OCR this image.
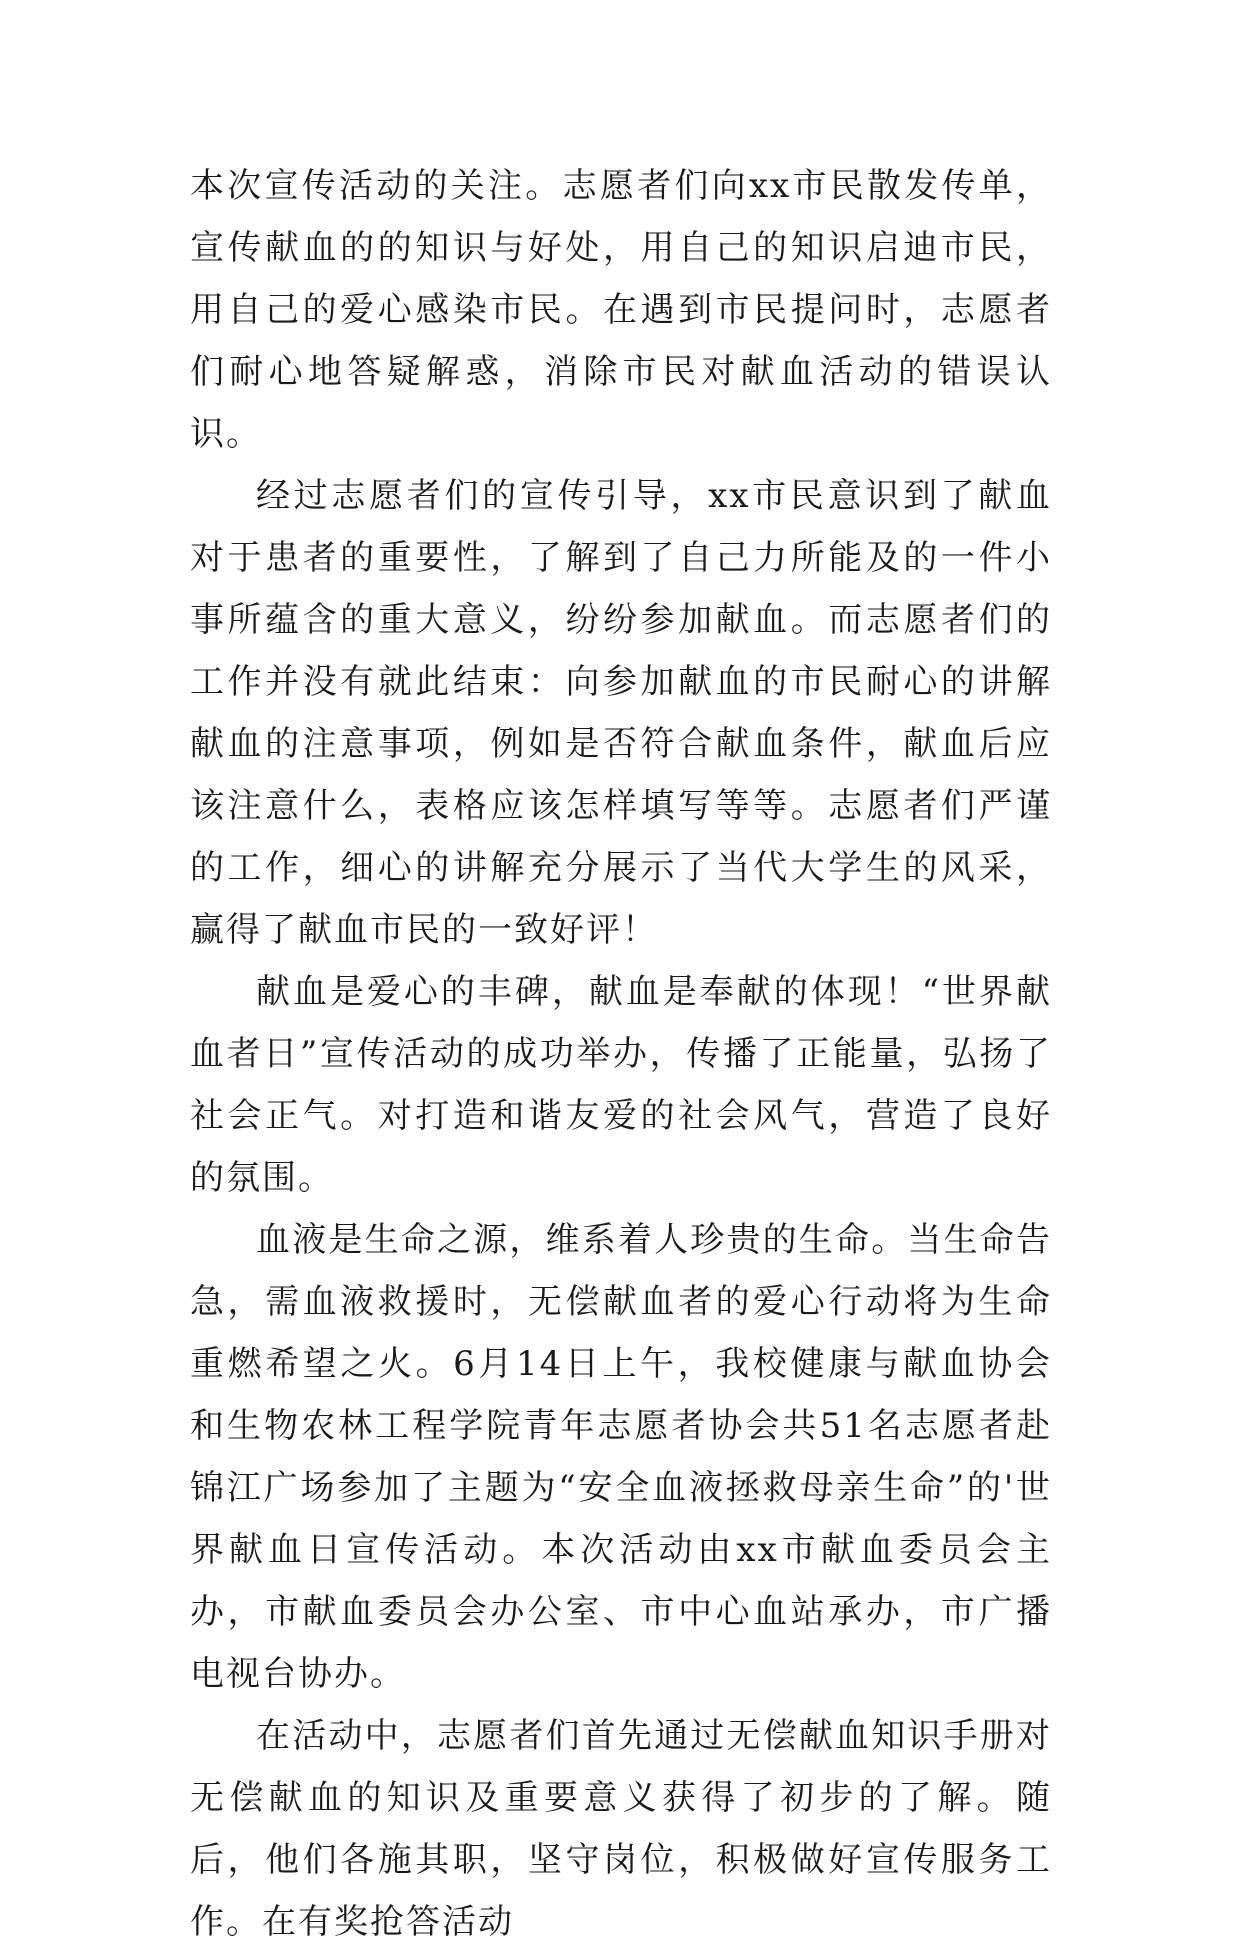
本次宣传活动的关注。志愿者们向xx市民散发传单，宣传献血的的知识与好处，用自己的知识启迪市民，用自己的爱心感染市民。在遇到市民提问时，志愿者们耐心地答疑解惑，消除市民对献血活动的错误认识。

经过志愿者们的宣传引导，xx市民意识到了献血对于患者的重要性，了解到了自己力所能及的一件小事所蕴含的重大意义，纷纷参加献血。而志愿者们的工作并没有就此结束：向参加献血的市民耐心的讲解献血的注意事项，例如是否符合献血条件，献血后应该注意什么，表格应该怎样填写等等。志愿者们严谨的工作，细心的讲解充分展示了当代大学生的风采，赢得了献血市民的一致好评！

献血是爱心的丰碑，献血是奉献的体现！“世界献血者日”宣传活动的成功举办，传播了正能量，弘扬了社会正气。对打造和谐友爱的社会风气，营造了良好的氛围。

血液是生命之源，维系着人珍贵的生命。当生命告急，需血液救援时，无偿献血者的爱心行动将为生命重燃希望之火。6月14日上午，我校健康与献血协会和生物农林工程学院青年志愿者协会共51名志愿者赴锦江广场参加了主题为“安全血液拯救母亲生命”的'世界献血日宣传活动。本次活动由xx市献血委员会主办，市献血委员会办公室、市中心血站承办，市广播电视台协办。

在活动中，志愿者们首先通过无偿献血知识手册对无偿献血的知识及重要意义获得了初步的了解。随后，他们各施其职，坚守岗位，积极做好宣传服务工作。在有奖抢答活动
